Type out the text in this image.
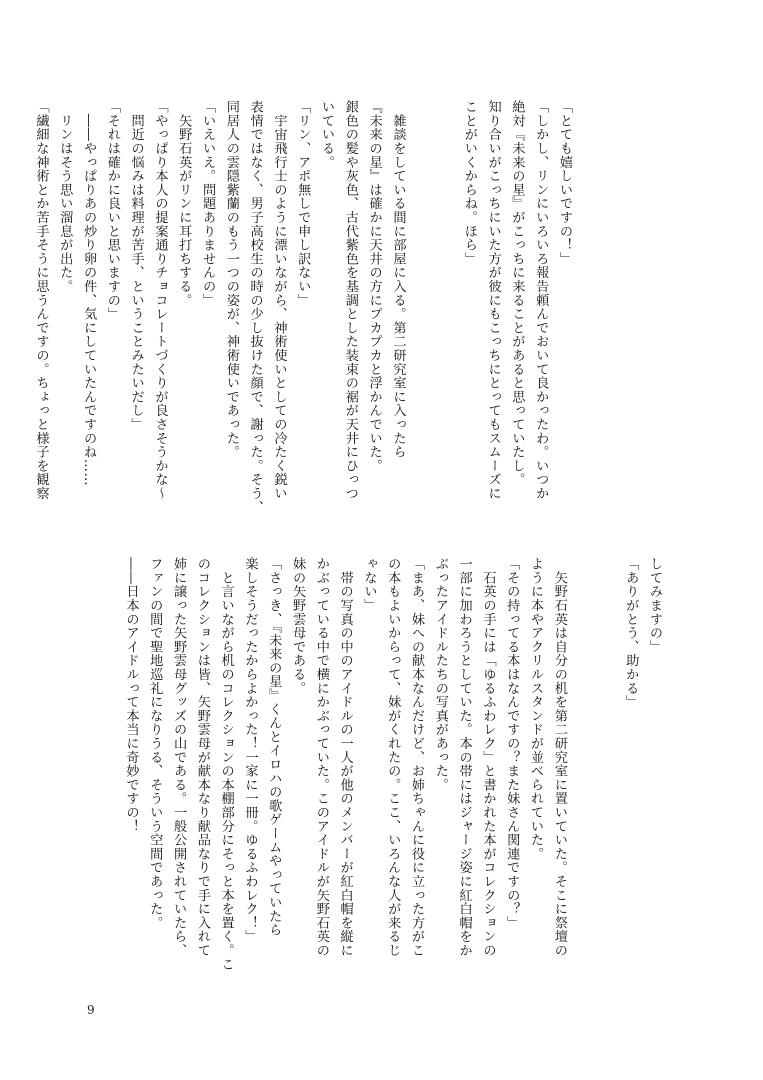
「とても嬉しいですの！」
「しかし、リンにいろいろ報告頼んでおいて良かったわ。いつか
絶対『未来の星』がこっちに来ることがあると思っていたし。
知り合いがこっちにいた方が彼にもこっちにとってもスムーズに
ことがいくからね。ほら」

　雑談をしている間に部屋に入る。第二研究室に入ったら
『未来の星』は確かに天井の方にプカプカと浮かんでいた。
銀色の髪や灰色、古代紫色を基調とした装束の裾が天井にひっつ
いている。
「リン、アポ無しで申し訳ない」
　宇宙飛行士のように漂いながら、神術使いとしての冷たく鋭い
表情ではなく、男子高校生の時の少し抜けた顔で、謝った。そう、
同居人の雲隠紫蘭のもう一つの姿が、神術使いであった。
「いえいえ。問題ありませんの」
　矢野石英がリンに耳打ちする。
「やっぱり本人の提案通りチョコレートづくりが良さそうかな～
　問近の悩みは料理が苦手、ということみたいだし」
「それは確かに良いと思いますの」
　――やっぱりあの炒り卵の件、気にしていたんですのね……
　リンはそう思い溜息が出た。
「繊細な神術とか苦手そうに思うんですの。ちょっと様子を観察
してみますの」
「ありがとう、助かる」

　矢野石英は自分の机を第二研究室に置いていた。そこに祭壇の
ように本やアクリルスタンドが並べられていた。
「その持ってる本はなんですの？また妹さん関連ですの？」
　石英の手には「ゆるふわレク」と書かれた本がコレクションの
一部に加わろうとしていた。本の帯にはジャージ姿に紅白帽をか
ぶったアイドルたちの写真があった。
「まあ、妹への献本なんだけど、お姉ちゃんに役に立った方がこ
の本もよいからって、妹がくれたの。ここ、いろんな人が来るじ
ゃない」
　帯の写真の中のアイドルの一人が他のメンバーが紅白帽を縦に
かぶっている中で横にかぶっていた。このアイドルが矢野石英の
妹の矢野雲母である。
「さっき、『未来の星』くんとイロハの歌ゲームやっていたら
楽しそうだったからよかった！一家に一冊。ゆるふわレク！」
　と言いながら机のコレクションの本棚部分にそっと本を置く。こ
のコレクションは皆、矢野雲母が献本なり献品なりで手に入れて
姉に譲った矢野雲母グッズの山である。一般公開されていたら、
ファンの間で聖地巡礼になりうる、そういう空間であった。
――日本のアイドルって本当に奇妙ですの！
9
